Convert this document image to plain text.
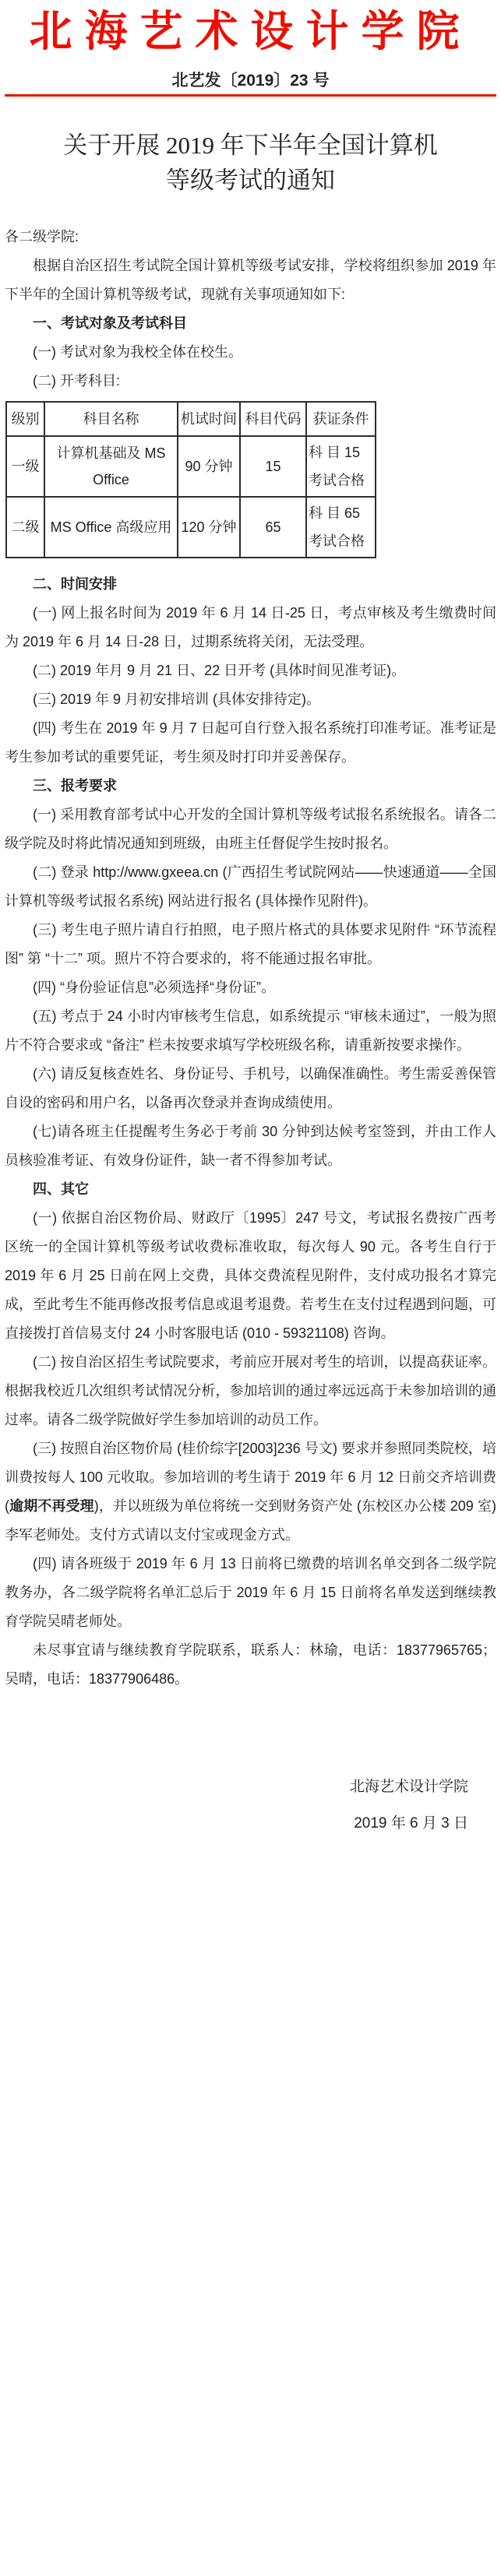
北海艺术设计学院
北艺发〔2019〕23 号
关于开展 2019 年下半年全国计算机
等级考试的通知

各二级学院:

根据自治区招生考试院全国计算机等级考试安排，学校将组织参加 2019 年下半年的全国计算机等级考试，现就有关事项通知如下:

一、考试对象及考试科目

(一) 考试对象为我校全体在校生。

(二) 开考科目:

级别	科目名称	机试时间	科目代码	获证条件
一级	计算机基础及 MS Office	90 分钟	15	科 目 15
考试合格

二级	MS Office 高级应用	120 分钟	65	科 目 65
考试合格

二、时间安排

(一) 网上报名时间为 2019 年 6 月 14 日-25 日，考点审核及考生缴费时间为 2019 年 6 月 14 日-28 日，过期系统将关闭，无法受理。

(二) 2019 年月 9 月 21 日、22 日开考 (具体时间见准考证)。

(三) 2019 年 9 月初安排培训 (具体安排待定)。

(四) 考生在 2019 年 9 月 7 日起可自行登入报名系统打印准考证。准考证是考生参加考试的重要凭证，考生须及时打印并妥善保存。

三、报考要求

(一) 采用教育部考试中心开发的全国计算机等级考试报名系统报名。请各二级学院及时将此情况通知到班级，由班主任督促学生按时报名。

(二) 登录 http://www.gxeea.cn (广西招生考试院网站——快速通道——全国计算机等级考试报名系统) 网站进行报名 (具体操作见附件)。

(三) 考生电子照片请自行拍照，电子照片格式的具体要求见附件 “环节流程图” 第 “十二” 项。照片不符合要求的，将不能通过报名审批。

(四) “身份验证信息”必须选择“身份证”。

(五) 考点于 24 小时内审核考生信息，如系统提示 “审核未通过”，一般为照片不符合要求或 “备注” 栏未按要求填写学校班级名称，请重新按要求操作。

(六) 请反复核查姓名、身份证号、手机号，以确保准确性。考生需妥善保管自设的密码和用户名，以备再次登录并查询成绩使用。

(七)请各班主任提醒考生务必于考前 30 分钟到达候考室签到，并由工作人员核验准考证、有效身份证件，缺一者不得参加考试。

四、其它

(一) 依据自治区物价局、财政厅〔1995〕247 号文，考试报名费按广西考区统一的全国计算机等级考试收费标准收取，每次每人 90 元。各考生自行于 2019 年 6 月 25 日前在网上交费，具体交费流程见附件，支付成功报名才算完成，至此考生不能再修改报考信息或退考退费。若考生在支付过程遇到问题，可直接拨打首信易支付 24 小时客服电话 (010 - 59321108) 咨询。

(二) 按自治区招生考试院要求，考前应开展对考生的培训，以提高获证率。根据我校近几次组织考试情况分析，参加培训的通过率远远高于未参加培训的通过率。请各二级学院做好学生参加培训的动员工作。

(三) 按照自治区物价局 (桂价综字[2003]236 号文) 要求并参照同类院校，培训费按每人 100 元收取。参加培训的考生请于 2019 年 6 月 12 日前交齐培训费(逾期不再受理)，并以班级为单位将统一交到财务资产处 (东校区办公楼 209 室) 李军老师处。支付方式请以支付宝或现金方式。

(四) 请各班级于 2019 年 6 月 13 日前将已缴费的培训名单交到各二级学院教务办，各二级学院将名单汇总后于 2019 年 6 月 15 日前将名单发送到继续教育学院吴晴老师处。

未尽事宜请与继续教育学院联系，联系人：林瑜，电话：18377965765；吴晴，电话：18377906486。

北海艺术设计学院
2019 年 6 月 3 日
